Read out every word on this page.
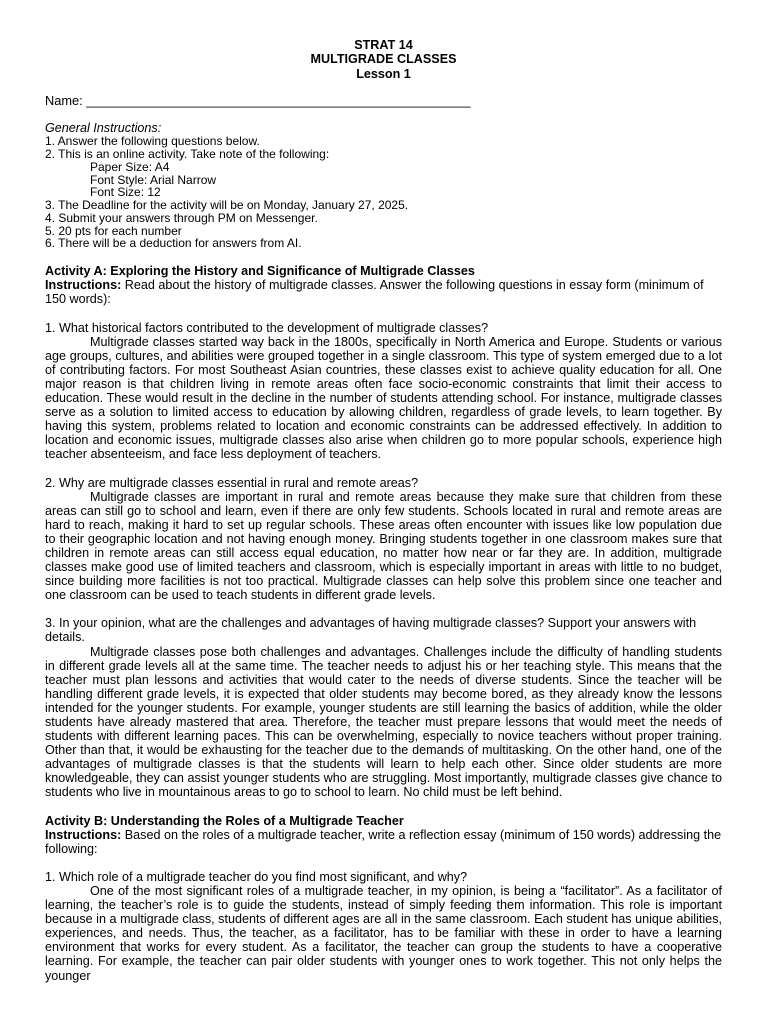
STRAT 14
MULTIGRADE CLASSES
Lesson 1
Name: ______________________________________________________
General Instructions:
1. Answer the following questions below.
2. This is an online activity. Take note of the following:
Paper Size: A4
Font Style: Arial Narrow
Font Size: 12
3. The Deadline for the activity will be on Monday, January 27, 2025.
4. Submit your answers through PM on Messenger.
5. 20 pts for each number
6. There will be a deduction for answers from AI.
Activity A: Exploring the History and Significance of Multigrade Classes
Instructions: Read about the history of multigrade classes. Answer the following questions in essay form (minimum of 150 words):
1. What historical factors contributed to the development of multigrade classes?

Multigrade classes started way back in the 1800s, specifically in North America and Europe. Students or various age groups, cultures, and abilities were grouped together in a single classroom. This type of system emerged due to a lot of contributing factors. For most Southeast Asian countries, these classes exist to achieve quality education for all. One major reason is that children living in remote areas often face socio-economic constraints that limit their access to education. These would result in the decline in the number of students attending school. For instance, multigrade classes serve as a solution to limited access to education by allowing children, regardless of grade levels, to learn together. By having this system, problems related to location and economic constraints can be addressed effectively. In addition to location and economic issues, multigrade classes also arise when children go to more popular schools, experience high teacher absenteeism, and face less deployment of teachers.

2. Why are multigrade classes essential in rural and remote areas?

Multigrade classes are important in rural and remote areas because they make sure that children from these areas can still go to school and learn, even if there are only few students. Schools located in rural and remote areas are hard to reach, making it hard to set up regular schools. These areas often encounter with issues like low population due to their geographic location and not having enough money. Bringing students together in one classroom makes sure that children in remote areas can still access equal education, no matter how near or far they are. In addition, multigrade classes make good use of limited teachers and classroom, which is especially important in areas with little to no budget, since building more facilities is not too practical. Multigrade classes can help solve this problem since one teacher and one classroom can be used to teach students in different grade levels.

3. In your opinion, what are the challenges and advantages of having multigrade classes? Support your answers with details.

Multigrade classes pose both challenges and advantages. Challenges include the difficulty of handling students in different grade levels all at the same time. The teacher needs to adjust his or her teaching style. This means that the teacher must plan lessons and activities that would cater to the needs of diverse students. Since the teacher will be handling different grade levels, it is expected that older students may become bored, as they already know the lessons intended for the younger students. For example, younger students are still learning the basics of addition, while the older students have already mastered that area. Therefore, the teacher must prepare lessons that would meet the needs of students with different learning paces. This can be overwhelming, especially to novice teachers without proper training. Other than that, it would be exhausting for the teacher due to the demands of multitasking. On the other hand, one of the advantages of multigrade classes is that the students will learn to help each other. Since older students are more knowledgeable, they can assist younger students who are struggling. Most importantly, multigrade classes give chance to students who live in mountainous areas to go to school to learn. No child must be left behind.

Activity B: Understanding the Roles of a Multigrade Teacher
Instructions: Based on the roles of a multigrade teacher, write a reflection essay (minimum of 150 words) addressing the following:
1. Which role of a multigrade teacher do you find most significant, and why?

One of the most significant roles of a multigrade teacher, in my opinion, is being a “facilitator”. As a facilitator of learning, the teacher’s role is to guide the students, instead of simply feeding them information. This role is important because in a multigrade class, students of different ages are all in the same classroom. Each student has unique abilities, experiences, and needs. Thus, the teacher, as a facilitator, has to be familiar with these in order to have a learning environment that works for every student. As a facilitator, the teacher can group the students to have a cooperative learning. For example, the teacher can pair older students with younger ones to work together. This not only helps the younger
